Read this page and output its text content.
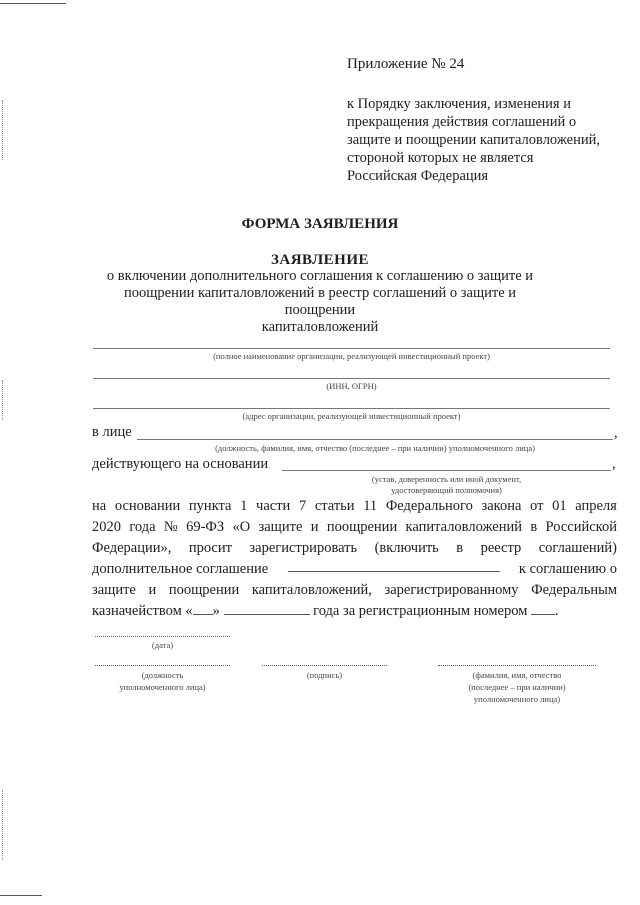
Приложение № 24
к Порядку заключения, изменения и
прекращения действия соглашений о
защите и поощрении капиталовложений,
стороной которых не является
Российская Федерация
ФОРМА ЗАЯВЛЕНИЯ
ЗАЯВЛЕНИЕ
о включении дополнительного соглашения к соглашению о защите и
поощрении капиталовложений в реестр соглашений о защите и поощрении
капиталовложений
(полное наименование организации, реализующей инвестиционный проект)
(ИНН, ОГРН)
(адрес организации, реализующей инвестиционный проект)
в лице	,
(должность, фамилия, имя, отчество (последнее – при наличии) уполномоченного лица)
действующего на основании	,
(устав, доверенность или иной документ,
удостоверяющий полномочия)
на основании пункта 1 части 7 статьи 11 Федерального закона от 01 апреля
2020 года № 69-ФЗ «О защите и поощрении капиталовложений в Российской
Федерации», просит зарегистрировать (включить в реестр соглашений)
дополнительное соглашение	к соглашению о
защите и поощрении капиталовложений, зарегистрированному Федеральным
казначейством « »	года за регистрационным номером .
(дата)
(должность
уполномоченного лица)
(подпись)	(фамилия, имя, отчество
(последнее – при наличии)
уполномоченного лица)
